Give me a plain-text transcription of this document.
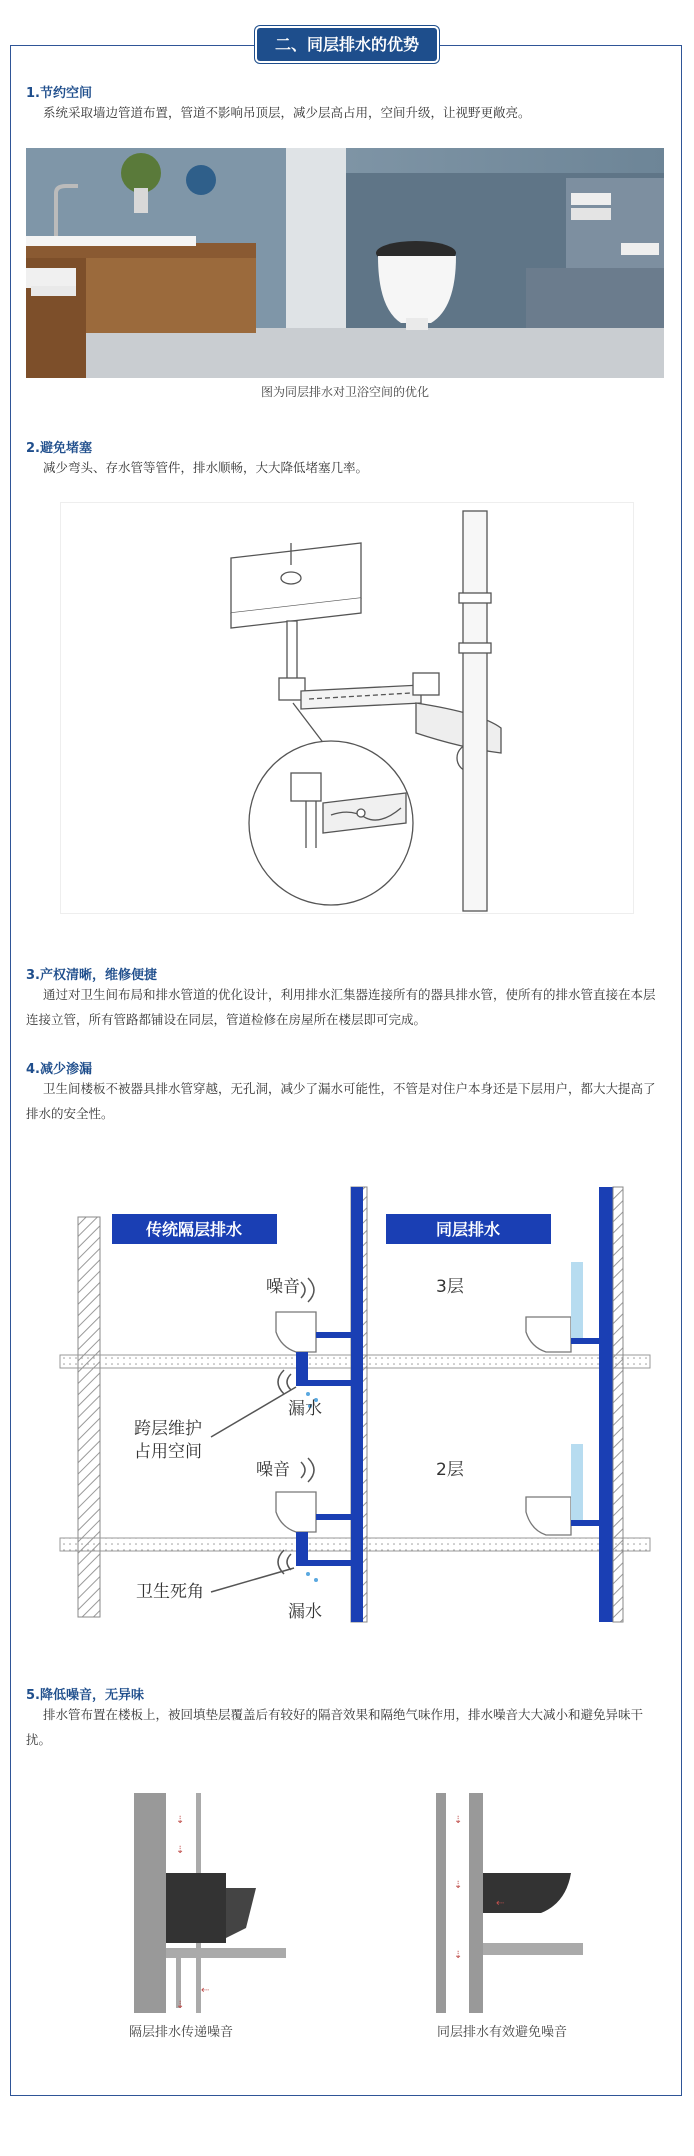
二、同层排水的优势
1.节约空间
系统采取墙边管道布置，管道不影响吊顶层，减少层高占用，空间升级，让视野更敞亮。
图为同层排水对卫浴空间的优化
2.避免堵塞
减少弯头、存水管等管件，排水顺畅，大大降低堵塞几率。
3.产权清晰，维修便捷
通过对卫生间布局和排水管道的优化设计，利用排水汇集器连接所有的器具排水管，使所有的排水管直接在本层连接立管，所有管路都铺设在同层，管道检修在房屋所在楼层即可完成。
4.减少渗漏
卫生间楼板不被器具排水管穿越，无孔洞，减少了漏水可能性，不管是对住户本身还是下层用户，都大大提高了排水的安全性。
传统隔层排水	同层排水
噪音
噪音
漏水
漏水
跨层维护
占用空间
卫生死角
3层
2层
5.降低噪音，无异味
排水管布置在楼板上，被回填垫层覆盖后有较好的隔音效果和隔绝气味作用，排水噪音大大减小和避免异味干扰。
⇣
⇣
⇣
⇠
⇣
⇣
⇣
⇠
隔层排水传递噪音	同层排水有效避免噪音
